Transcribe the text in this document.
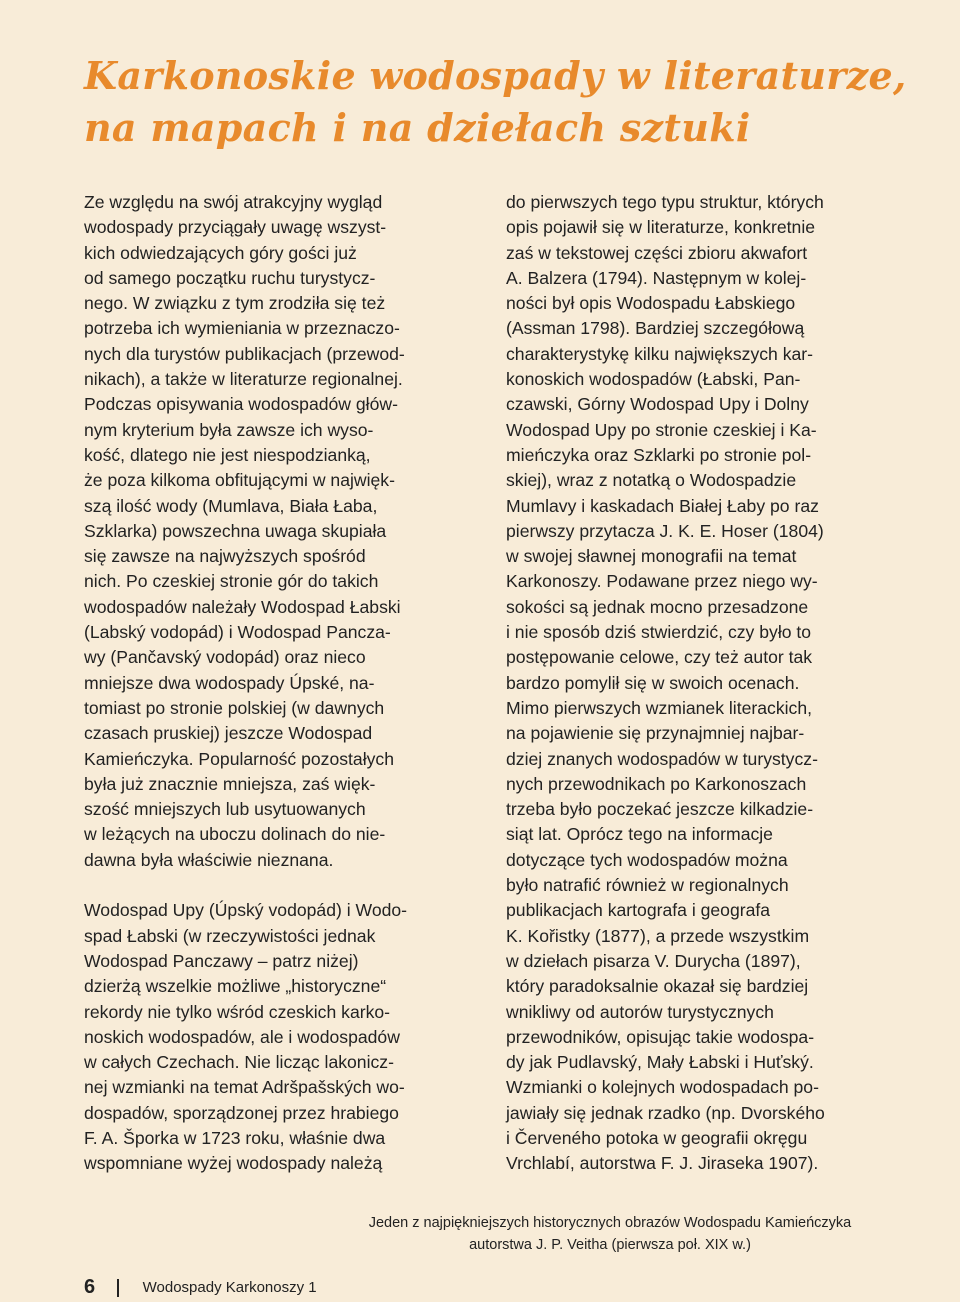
Karkonoskie wodospady w literaturze,
na mapach i na dziełach sztuki

Ze względu na swój atrakcyjny wygląd
wodospady przyciągały uwagę wszyst-
kich odwiedzających góry gości już
od samego początku ruchu turystycz-
nego. W związku z tym zrodziła się też
potrzeba ich wymieniania w przeznaczo-
nych dla turystów publikacjach (przewod-
nikach), a także w literaturze regionalnej.
Podczas opisywania wodospadów głów-
nym kryterium była zawsze ich wyso-
kość, dlatego nie jest niespodzianką,
że poza kilkoma obfitującymi w najwięk-
szą ilość wody (Mumlava, Biała Łaba,
Szklarka) powszechna uwaga skupiała
się zawsze na najwyższych spośród
nich. Po czeskiej stronie gór do takich
wodospadów należały Wodospad Łabski
(Labský vodopád) i Wodospad Pancza-
wy (Pančavský vodopád) oraz nieco
mniejsze dwa wodospady Úpské, na-
tomiast po stronie polskiej (w dawnych
czasach pruskiej) jeszcze Wodospad
Kamieńczyka. Popularność pozostałych
była już znacznie mniejsza, zaś więk-
szość mniejszych lub usytuowanych
w leżących na uboczu dolinach do nie-
dawna była właściwie nieznana.

Wodospad Upy (Úpský vodopád) i Wodo-
spad Łabski (w rzeczywistości jednak
Wodospad Panczawy – patrz niżej)
dzierżą wszelkie możliwe „historyczne“
rekordy nie tylko wśród czeskich karko-
noskich wodospadów, ale i wodospadów
w całych Czechach. Nie licząc lakonicz-
nej wzmianki na temat Adršpašských wo-
dospadów, sporządzonej przez hrabiego
F. A. Šporka w 1723 roku, właśnie dwa
wspomniane wyżej wodospady należą

do pierwszych tego typu struktur, których
opis pojawił się w literaturze, konkretnie
zaś w tekstowej części zbioru akwafort
A. Balzera (1794). Następnym w kolej-
ności był opis Wodospadu Łabskiego
(Assman 1798). Bardziej szczegółową
charakterystykę kilku największych kar-
konoskich wodospadów (Łabski, Pan-
czawski, Górny Wodospad Upy i Dolny
Wodospad Upy po stronie czeskiej i Ka-
mieńczyka oraz Szklarki po stronie pol-
skiej), wraz z notatką o Wodospadzie
Mumlavy i kaskadach Białej Łaby po raz
pierwszy przytacza J. K. E. Hoser (1804)
w swojej sławnej monografii na temat
Karkonoszy. Podawane przez niego wy-
sokości są jednak mocno przesadzone
i nie sposób dziś stwierdzić, czy było to
postępowanie celowe, czy też autor tak
bardzo pomylił się w swoich ocenach.
Mimo pierwszych wzmianek literackich,
na pojawienie się przynajmniej najbar-
dziej znanych wodospadów w turystycz-
nych przewodnikach po Karkonoszach
trzeba było poczekać jeszcze kilkadzie-
siąt lat. Oprócz tego na informacje
dotyczące tych wodospadów można
było natrafić również w regionalnych
publikacjach kartografa i geografa
K. Kořistky (1877), a przede wszystkim
w dziełach pisarza V. Durycha (1897),
który paradoksalnie okazał się bardziej
wnikliwy od autorów turystycznych
przewodników, opisując takie wodospa-
dy jak Pudlavský, Mały Łabski i Huťský.
Wzmianki o kolejnych wodospadach po-
jawiały się jednak rzadko (np. Dvorského
i Červeného potoka w geografii okręgu
Vrchlabí, autorstwa F. J. Jiraseka 1907).

Jeden z najpiękniejszych historycznych obrazów Wodospadu Kamieńczyka
autorstwa J. P. Veitha (pierwsza poł. XIX w.)
6	Wodospady Karkonoszy 1
